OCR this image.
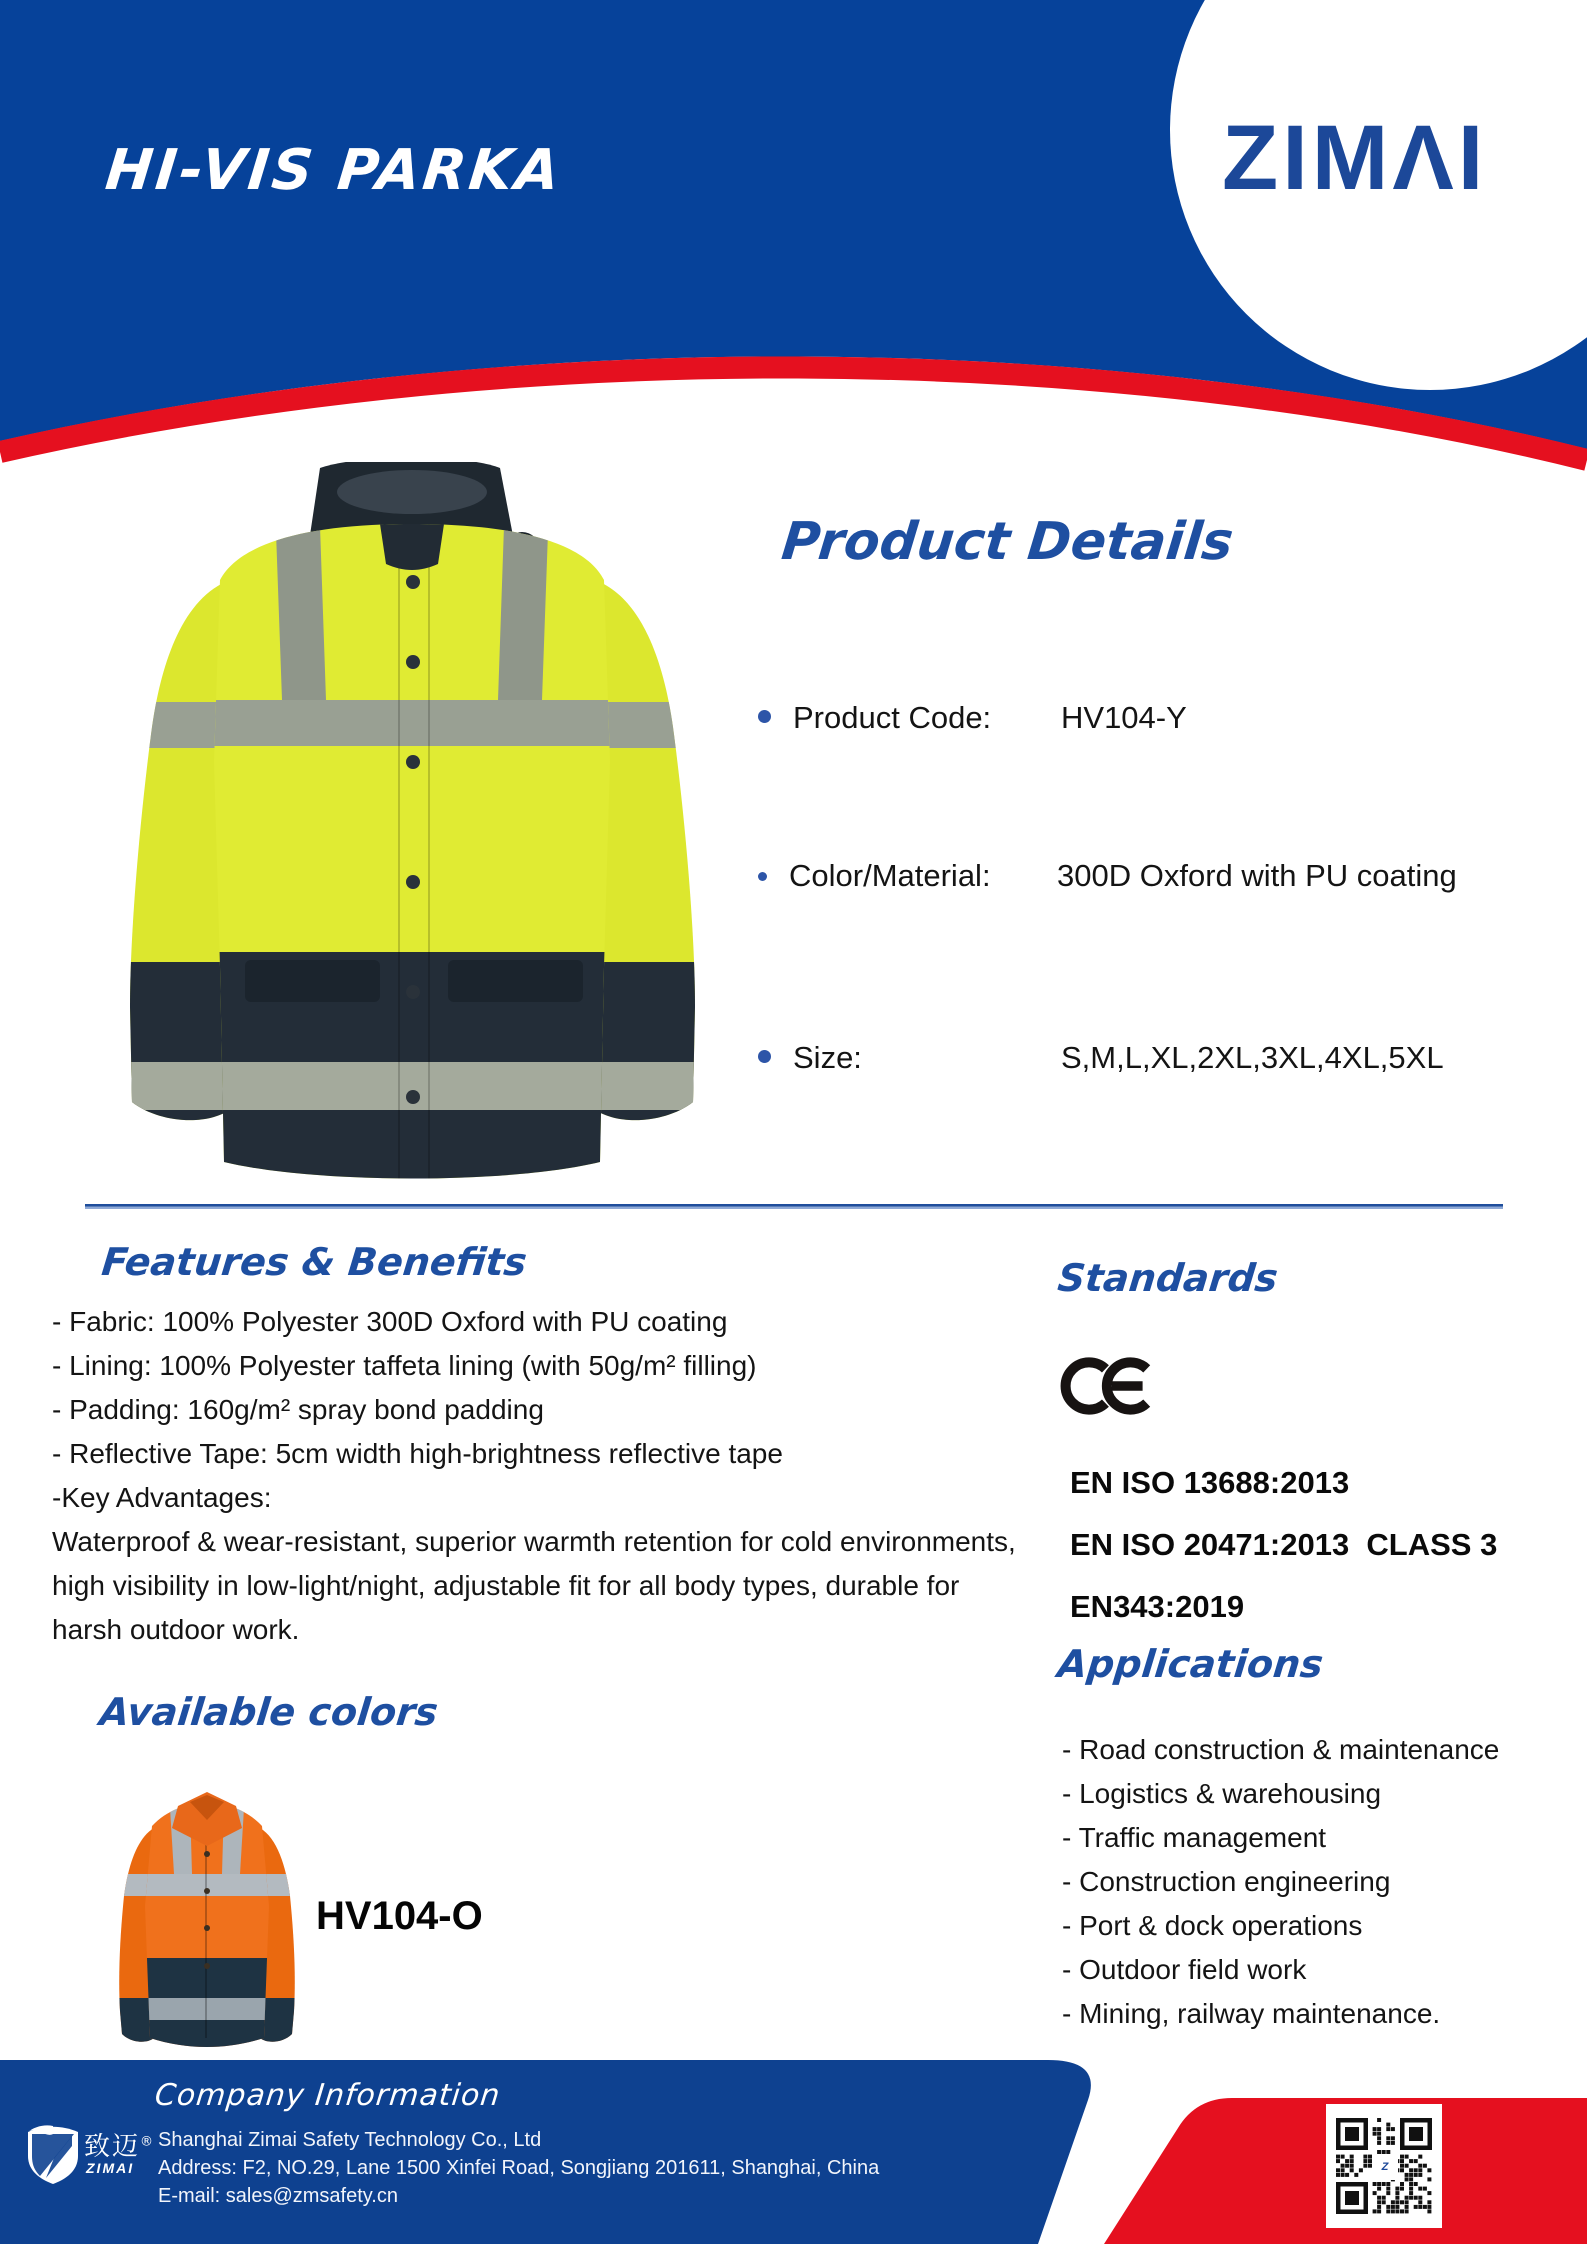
ZIMΛI
HI-VIS PARKA
Product Details
Product Code:	HV104-Y
Color/Material:	300D Oxford with PU coating
Size:	S,M,L,XL,2XL,3XL,4XL,5XL
Features & Benefits
- Fabric: 100% Polyester 300D Oxford with PU coating
- Lining: 100% Polyester taffeta lining (with 50g/m² filling)
- Padding: 160g/m² spray bond padding
- Reflective Tape: 5cm width high-brightness reflective tape
-Key Advantages:

Waterproof & wear-resistant, superior warmth retention for cold environments, high visibility in low-light/night, adjustable fit for all body types, durable for harsh outdoor work.

Standards
EN ISO 13688:2013
EN ISO 20471:2013  CLASS 3
EN343:2019
Applications
- Road construction & maintenance
- Logistics & warehousing
- Traffic management
- Construction engineering
- Port & dock operations
- Outdoor field work
- Mining, railway maintenance.
Available colors
HV104-O
Company Information
致迈®
ZIMAI
Shanghai Zimai Safety Technology Co., Ltd
Address: F2, NO.29, Lane 1500 Xinfei Road, Songjiang 201611, Shanghai, China
E-mail: sales@zmsafety.cn
Z
